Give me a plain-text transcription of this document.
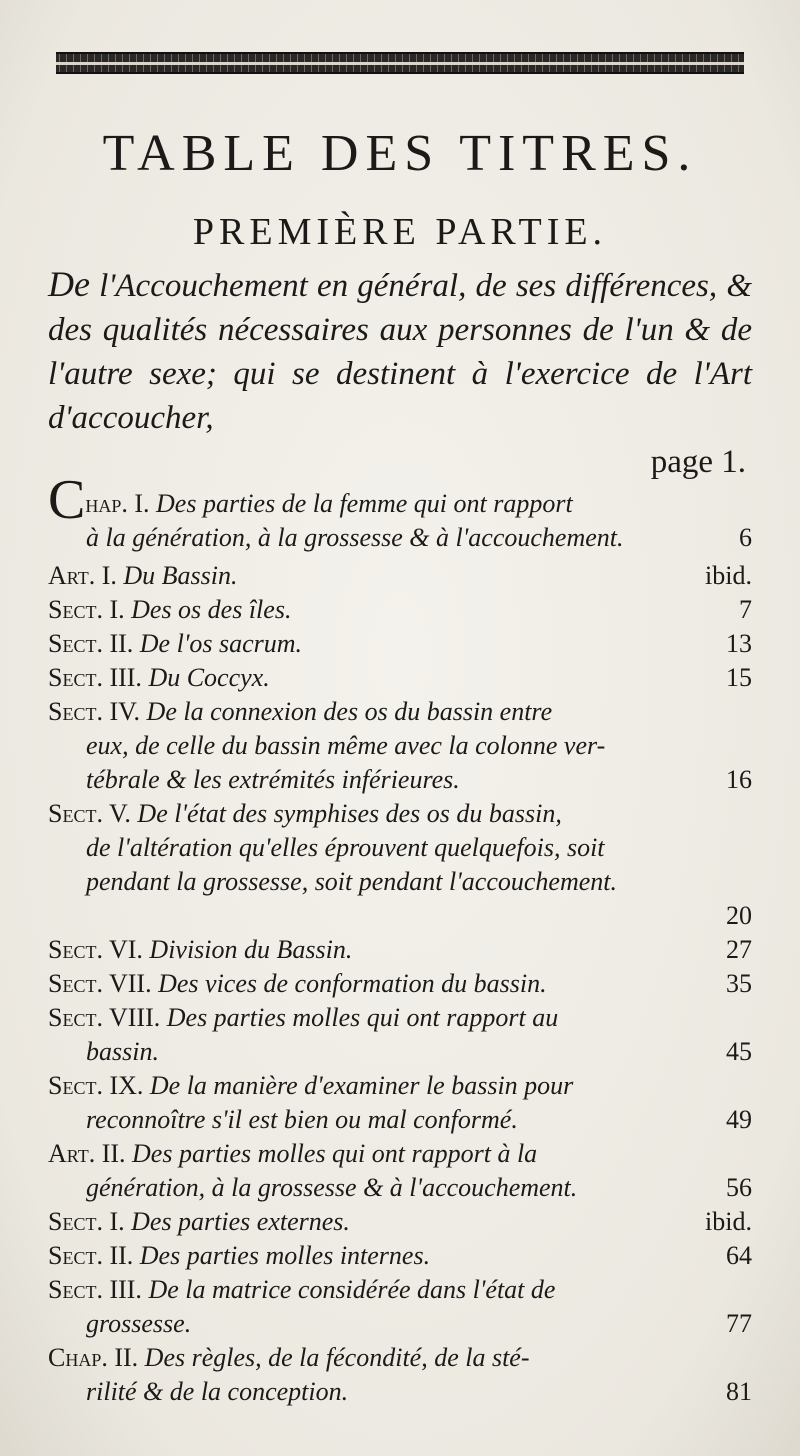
TABLE DES TITRES.
PREMIÈRE PARTIE.
De l'Accouchement en général, de ses différences, & des qualités nécessaires aux personnes de l'un & de l'autre sexe; qui se destinent à l'exercice de l'Art d'accoucher,
page 1.
Chap. I. Des parties de la femme qui ont rapport
à la génération, à la grossesse & à l'accouchement.	6
Art. I. Du Bassin.	ibid.
Sect. I. Des os des îles.	7
Sect. II. De l'os sacrum.	13
Sect. III. Du Coccyx.	15
Sect. IV. De la connexion des os du bassin entre
eux, de celle du bassin même avec la colonne ver-
tébrale & les extrémités inférieures.	16
Sect. V. De l'état des symphises des os du bassin,
de l'altération qu'elles éprouvent quelquefois, soit
pendant la grossesse, soit pendant l'accouchement.
20
Sect. VI. Division du Bassin.	27
Sect. VII. Des vices de conformation du bassin.	35
Sect. VIII. Des parties molles qui ont rapport au
bassin.	45
Sect. IX. De la manière d'examiner le bassin pour
reconnoître s'il est bien ou mal conformé.	49
Art. II. Des parties molles qui ont rapport à la
génération, à la grossesse & à l'accouchement.	56
Sect. I. Des parties externes.	ibid.
Sect. II. Des parties molles internes.	64
Sect. III. De la matrice considérée dans l'état de
grossesse.	77
Chap. II. Des règles, de la fécondité, de la sté-
rilité & de la conception.	81
